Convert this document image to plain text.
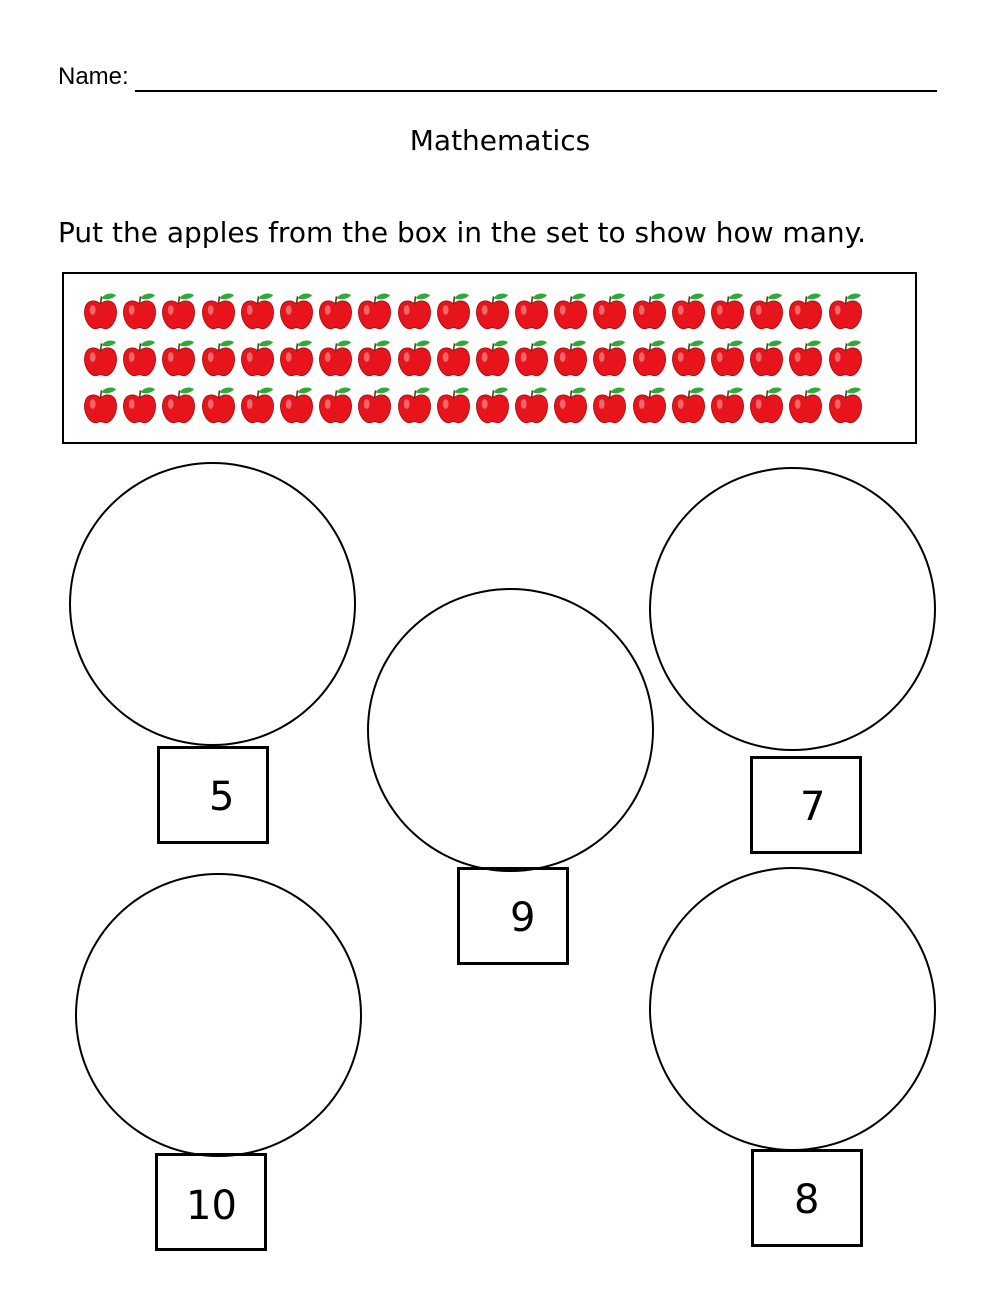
Name:
Mathematics
Put the apples from the box in the set to show how many.
5
9
7
10	8
